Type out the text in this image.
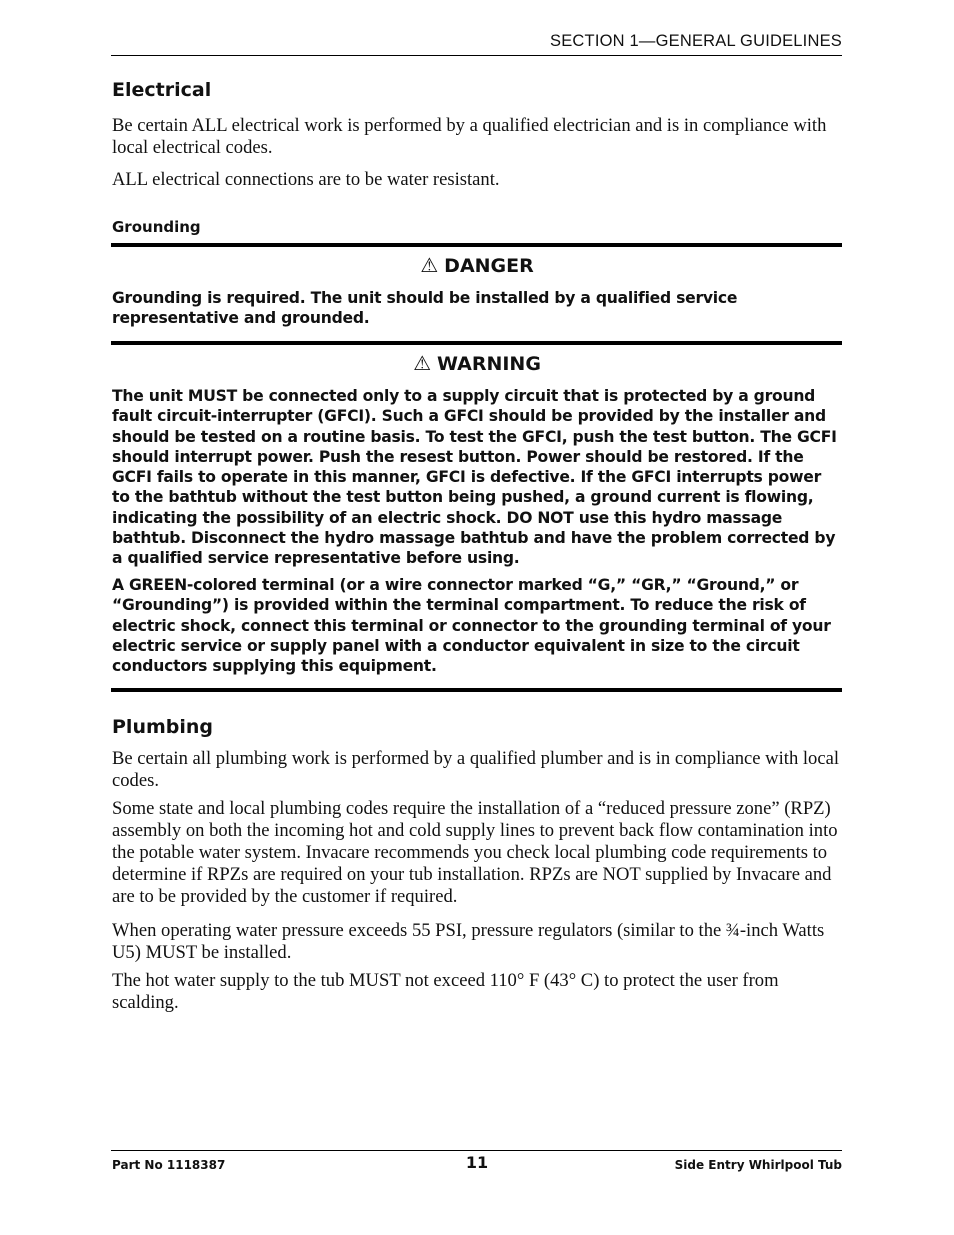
SECTION 1—GENERAL GUIDELINES
Electrical

Be certain ALL electrical work is performed by a qualified electrician and is in compliance with local electrical codes.

ALL electrical connections are to be water resistant.

Grounding
⚠ DANGER

Grounding is required. The unit should be installed by a qualified service representative and grounded.

⚠ WARNING

The unit MUST be connected only to a supply circuit that is protected by a ground fault circuit-interrupter (GFCI). Such a GFCI should be provided by the installer and should be tested on a routine basis. To test the GFCI, push the test button. The GCFI should interrupt power. Push the resest button. Power should be restored. If the GCFI fails to operate in this manner, GFCI is defective. If the GFCI interrupts power to the bathtub without the test button being pushed, a ground current is flowing, indicating the possibility of an electric shock. DO NOT use this hydro massage bathtub. Disconnect the hydro massage bathtub and have the problem corrected by a qualified service representative before using.

A GREEN-colored terminal (or a wire connector marked “G,” “GR,” “Ground,” or “Grounding”) is provided within the terminal compartment. To reduce the risk of electric shock, connect this terminal or connector to the grounding terminal of your electric service or supply panel with a conductor equivalent in size to the circuit conductors supplying this equipment.

Plumbing

Be certain all plumbing work is performed by a qualified plumber and is in compliance with local codes.

Some state and local plumbing codes require the installation of a “reduced pressure zone” (RPZ) assembly on both the incoming hot and cold supply lines to prevent back flow contamination into the potable water system. Invacare recommends you check local plumbing code requirements to determine if RPZs are required on your tub installation. RPZs are NOT supplied by Invacare and are to be provided by the customer if required.

When operating water pressure exceeds 55 PSI, pressure regulators (similar to the ¾-inch Watts U5) MUST be installed.

The hot water supply to the tub MUST not exceed 110° F (43° C) to protect the user from scalding.

Part No 1118387	11	Side Entry Whirlpool Tub
